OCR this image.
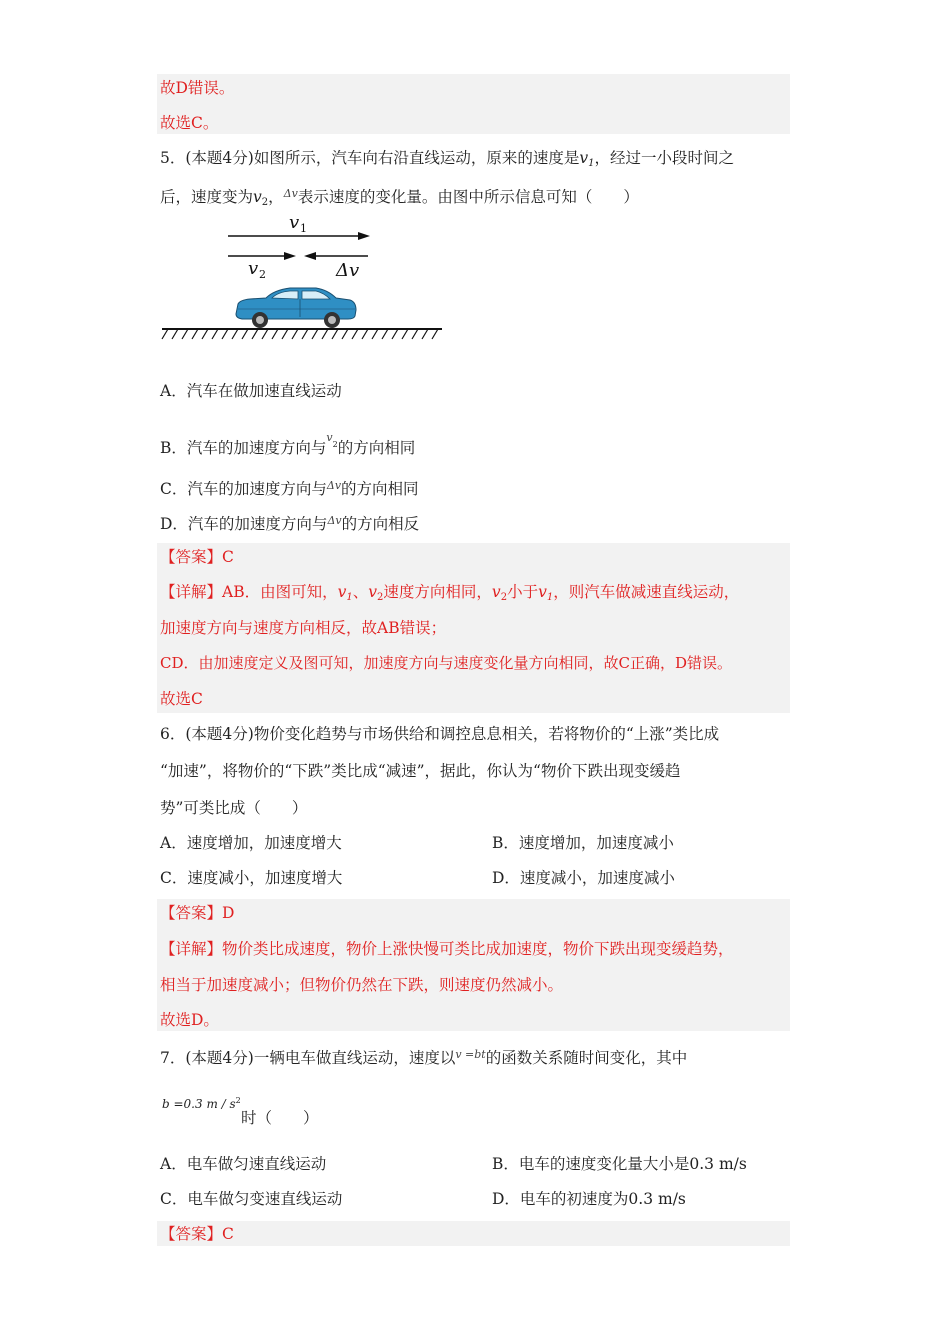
故D错误。
故选C。
5．(本题4分)如图所示，汽车向右沿直线运动，原来的速度是$v_1$，经过一小段时间之
后，速度变为$v_2$，$^{\Delta v}$表示速度的变化量。由图中所示信息可知（　　）
v 1
v 2	Δv
A．汽车在做加速直线运动
B．汽车的加速度方向与$^{v2}$的方向相同
C．汽车的加速度方向与$^{\Delta v}$的方向相同
D．汽车的加速度方向与$^{\Delta v}$的方向相反
【答案】C
【详解】AB．由图可知，$v_1$、$v_2$速度方向相同，$v_2$小于$v_1$，则汽车做减速直线运动，
加速度方向与速度方向相反，故AB错误；
CD．由加速度定义及图可知，加速度方向与速度变化量方向相同，故C正确，D错误。
故选C
6．(本题4分)物价变化趋势与市场供给和调控息息相关，若将物价的“上涨”类比成
“加速”，将物价的“下跌”类比成“减速”，据此，你认为“物价下跌出现变缓趋
势”可类比成（　　）
A．速度增加，加速度增大	B．速度增加，加速度减小
C．速度减小，加速度增大	D．速度减小，加速度减小
【答案】D
【详解】物价类比成速度，物价上涨快慢可类比成加速度，物价下跌出现变缓趋势，
相当于加速度减小；但物价仍然在下跌，则速度仍然减小。
故选D。
7．(本题4分)一辆电车做直线运动，速度以$^{v =bt}$的函数关系随时间变化，其中
b =0.3 m / $s^2$
时（　　）
A．电车做匀速直线运动	B．电车的速度变化量大小是0.3 m/s
C．电车做匀变速直线运动	D．电车的初速度为0.3 m/s
【答案】C
